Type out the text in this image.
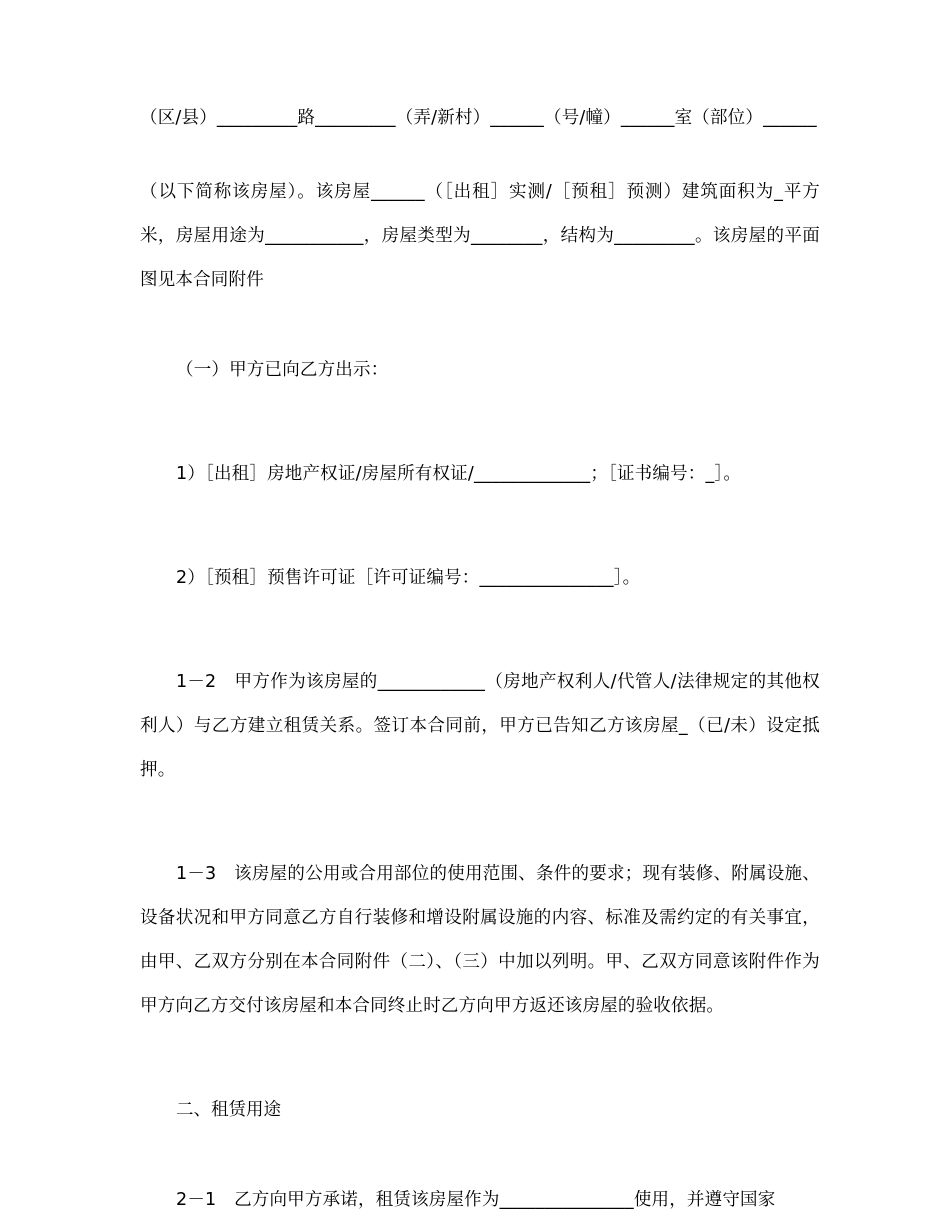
（区/县）_________路_________（弄/新村）______（号/幢）______室（部位）______

（以下简称该房屋）。该房屋______（［出租］实测/［预租］预测）建筑面积为_平方米，房屋用途为___________，房屋类型为________，结构为_________。该房屋的平面图见本合同附件

（一）甲方已向乙方出示：

1）［出租］房地产权证/房屋所有权证/_____________；［证书编号：_］。

2）［预租］预售许可证［许可证编号：_______________］。

1－2　甲方作为该房屋的____________（房地产权利人/代管人/法律规定的其他权利人）与乙方建立租赁关系。签订本合同前，甲方已告知乙方该房屋_（已/未）设定抵押。

1－3　该房屋的公用或合用部位的使用范围、条件的要求；现有装修、附属设施、设备状况和甲方同意乙方自行装修和增设附属设施的内容、标准及需约定的有关事宜，由甲、乙双方分别在本合同附件（二）、（三）中加以列明。甲、乙双方同意该附件作为甲方向乙方交付该房屋和本合同终止时乙方向甲方返还该房屋的验收依据。

二、租赁用途

2－1　乙方向甲方承诺，租赁该房屋作为_______________使用，并遵守国家
